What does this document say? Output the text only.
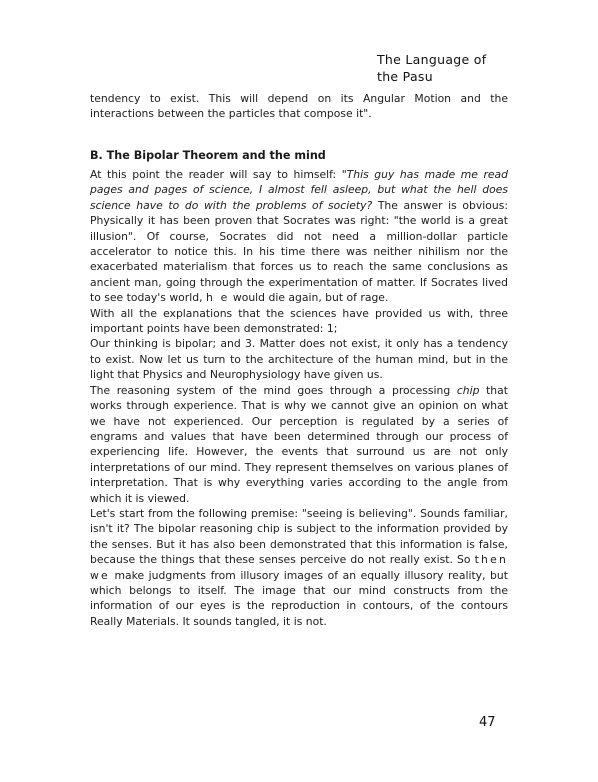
The Language of
the Pasu
tendency to exist. This will depend on its Angular Motion and the interactions between the particles that compose it".
B. The Bipolar Theorem and the mind

At this point the reader will say to himself: "This guy has made me read pages and pages of science, I almost fell asleep, but what the hell does science have to do with the problems of society? The answer is obvious: Physically it has been proven that Socrates was right: "the world is a great illusion". Of course, Socrates did not need a million-dollar particle accelerator to notice this. In his time there was neither nihilism nor the exacerbated materialism that forces us to reach the same conclusions as ancient man, going through the experimentation of matter. If Socrates lived to see today's world, h e would die again, but of rage.

With all the explanations that the sciences have provided us with, three important points have been demonstrated: 1;

Our thinking is bipolar; and 3. Matter does not exist, it only has a tendency to exist. Now let us turn to the architecture of the human mind, but in the light that Physics and Neurophysiology have given us.

The reasoning system of the mind goes through a processing chip that works through experience. That is why we cannot give an opinion on what we have not experienced. Our perception is regulated by a series of engrams and values that have been determined through our process of experiencing life. However, the events that surround us are not only interpretations of our mind. They represent themselves on various planes of interpretation. That is why everything varies according to the angle from which it is viewed.

Let's start from the following premise: "seeing is believing". Sounds familiar, isn't it? The bipolar reasoning chip is subject to the information provided by the senses. But it has also been demonstrated that this information is false, because the things that these senses perceive do not really exist. So then we make judgments from illusory images of an equally illusory reality, but which belongs to itself. The image that our mind constructs from the information of our eyes is the reproduction in contours, of the contours Really Materials. It sounds tangled, it is not.

47
